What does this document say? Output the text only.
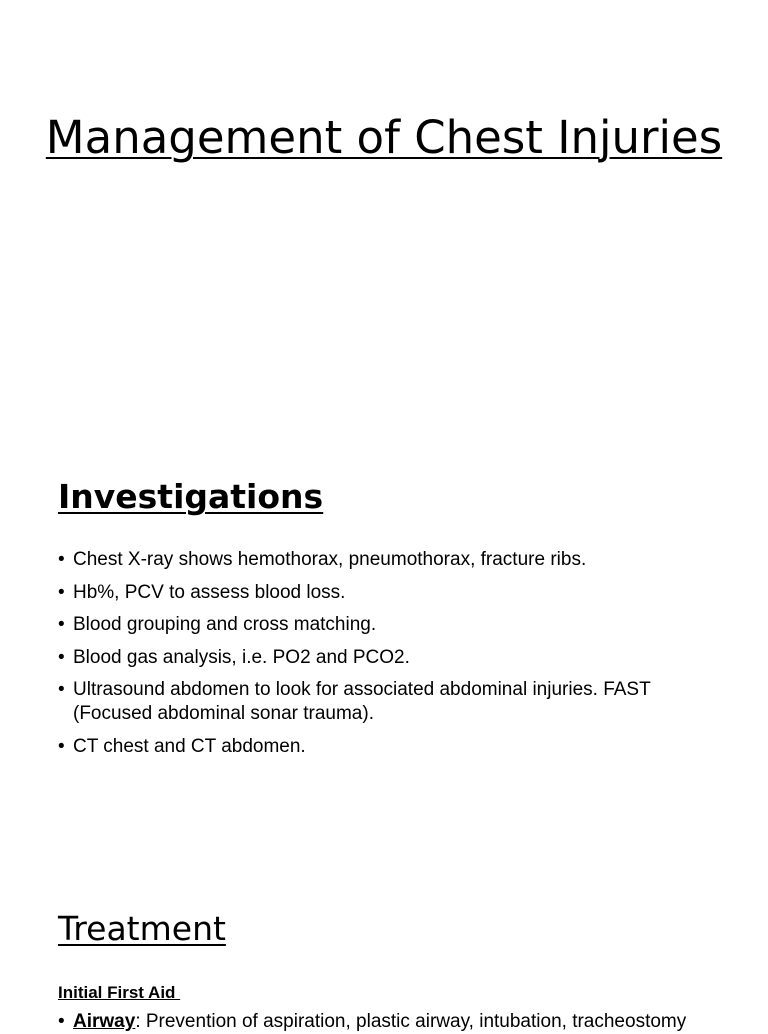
Management of Chest Injuries
Investigations
• Chest X-ray shows hemothorax, pneumothorax, fracture ribs.
• Hb%, PCV to assess blood loss.
• Blood grouping and cross matching.
• Blood gas analysis, i.e. PO2 and PCO2.
• Ultrasound abdomen to look for associated abdominal injuries. FAST (Focused abdominal sonar trauma).
• CT chest and CT abdomen.
Treatment
Initial First Aid
• Airway: Prevention of aspiration, plastic airway, intubation, tracheostomy
